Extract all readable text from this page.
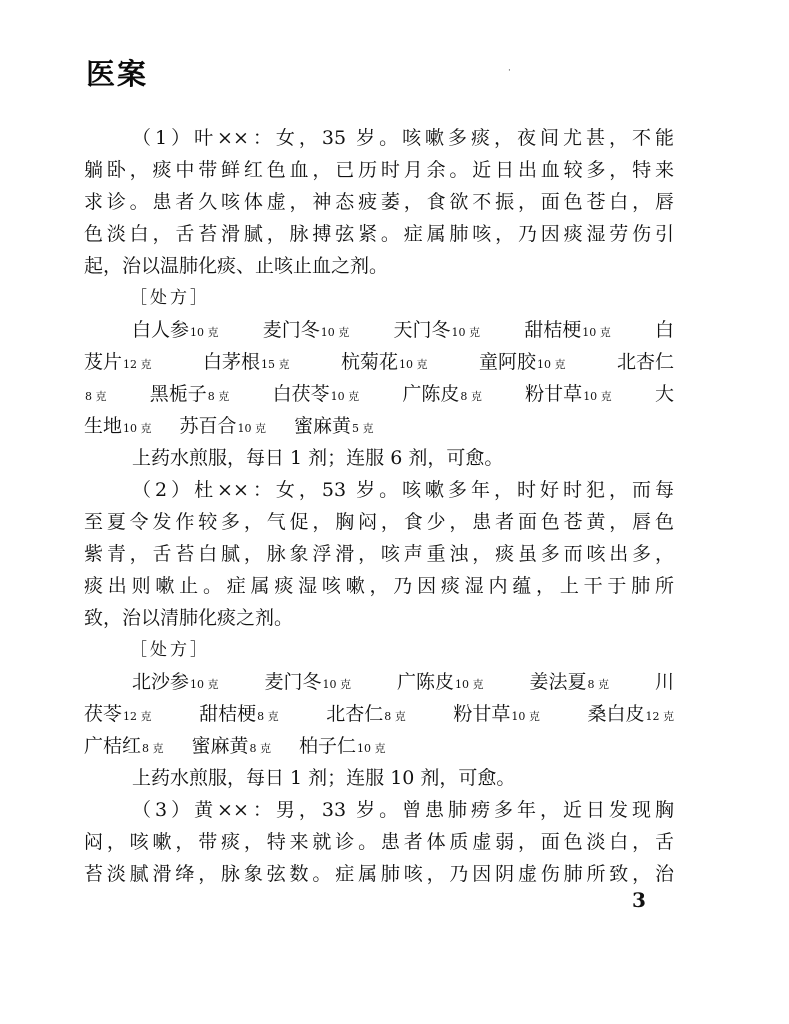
医案	·
（1）叶××：女，35 岁。咳嗽多痰，夜间尤甚，不能
躺卧，痰中带鲜红色血，已历时月余。近日出血较多，特来
求诊。患者久咳体虚，神态疲萎，食欲不振，面色苍白，唇
色淡白，舌苔滑腻，脉搏弦紧。症属肺咳，乃因痰湿劳伤引
起，治以温肺化痰、止咳止血之剂。
［处方］
白人参10 克 麦门冬10 克 天门冬10 克 甜桔梗10 克 白
芨片12 克	白茅根15 克	杭菊花10 克	童阿胶10 克	北杏仁
8 克 黑栀子8 克 白茯苓10 克 广陈皮8 克 粉甘草10 克 大
生地10 克 苏百合10 克 蜜麻黄5 克
上药水煎服，每日 1 剂；连服 6 剂，可愈。
（2）杜××：女，53 岁。咳嗽多年，时好时犯，而每
至夏令发作较多，气促，胸闷，食少，患者面色苍黄，唇色
紫青，舌苔白腻，脉象浮滑，咳声重浊，痰虽多而咳出多，
痰出则嗽止。症属痰湿咳嗽，乃因痰湿内蕴，上干于肺所
致，治以清肺化痰之剂。
［处方］
北沙参10 克 麦门冬10 克 广陈皮10 克 姜法夏8 克 川
茯苓12 克	甜桔梗8 克	北杏仁8 克	粉甘草10 克	桑白皮12 克
广桔红8 克 蜜麻黄8 克 柏子仁10 克
上药水煎服，每日 1 剂；连服 10 剂，可愈。
（3）黄××：男，33 岁。曾患肺痨多年，近日发现胸
闷，咳嗽，带痰，特来就诊。患者体质虚弱，面色淡白，舌
苔淡腻滑绛，脉象弦数。症属肺咳，乃因阴虚伤肺所致，治
3
